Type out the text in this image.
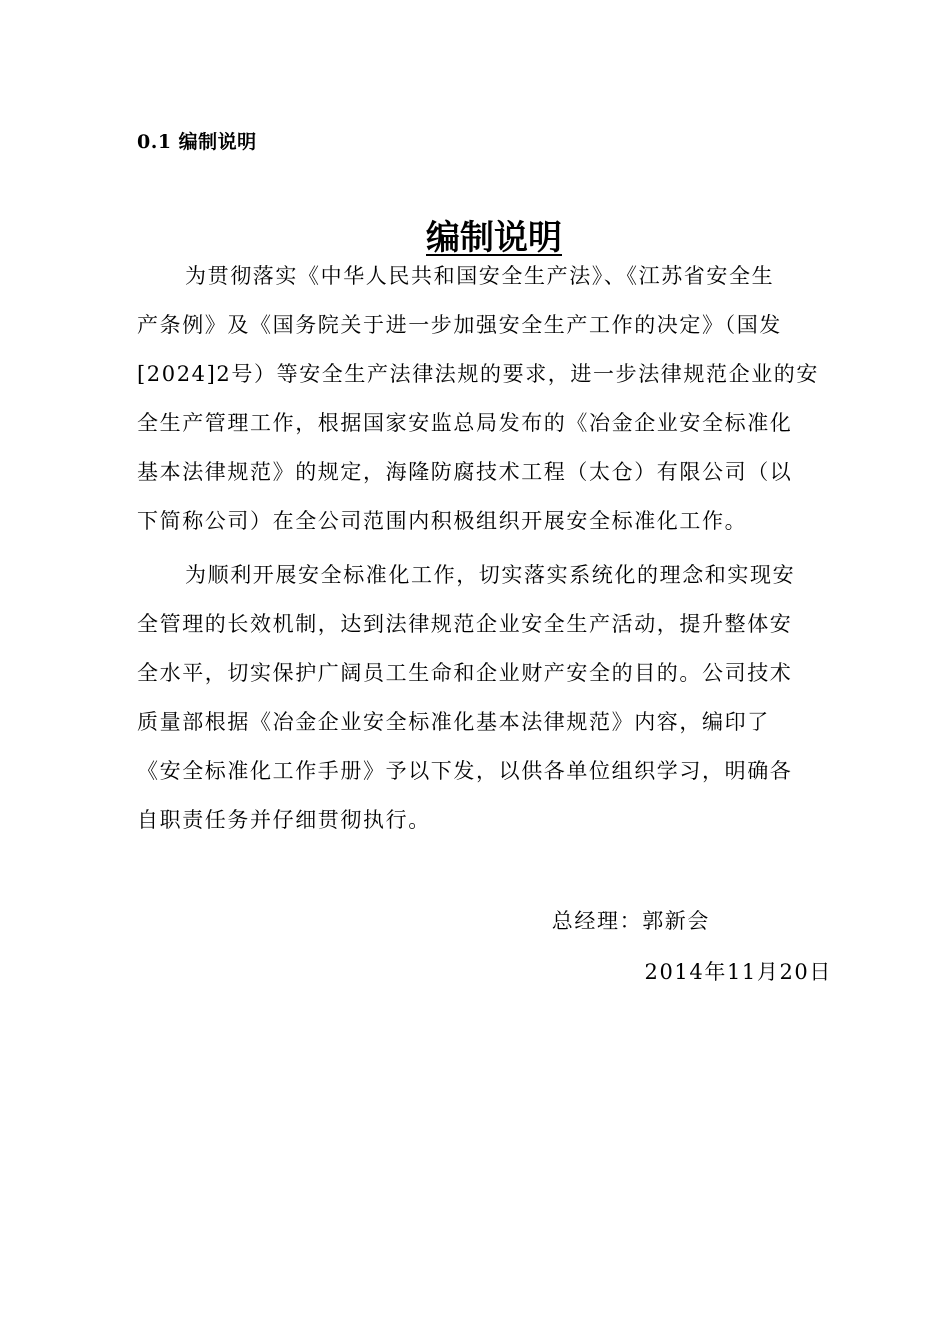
0.1 编制说明
编制说明
为贯彻落实《中华人民共和国安全生产法》、《江苏省安全生
产条例》及《国务院关于进一步加强安全生产工作的决定》（国发
[2024]2号）等安全生产法律法规的要求，进一步法律规范企业的安
全生产管理工作，根据国家安监总局发布的《冶金企业安全标准化
基本法律规范》的规定，海隆防腐技术工程（太仓）有限公司（以
下简称公司）在全公司范围内积极组织开展安全标准化工作。
为顺利开展安全标准化工作，切实落实系统化的理念和实现安
全管理的长效机制，达到法律规范企业安全生产活动，提升整体安
全水平，切实保护广阔员工生命和企业财产安全的目的。公司技术
质量部根据《冶金企业安全标准化基本法律规范》内容，编印了
《安全标准化工作手册》予以下发，以供各单位组织学习，明确各
自职责任务并仔细贯彻执行。
总经理：郭新会
2014年11月20日
